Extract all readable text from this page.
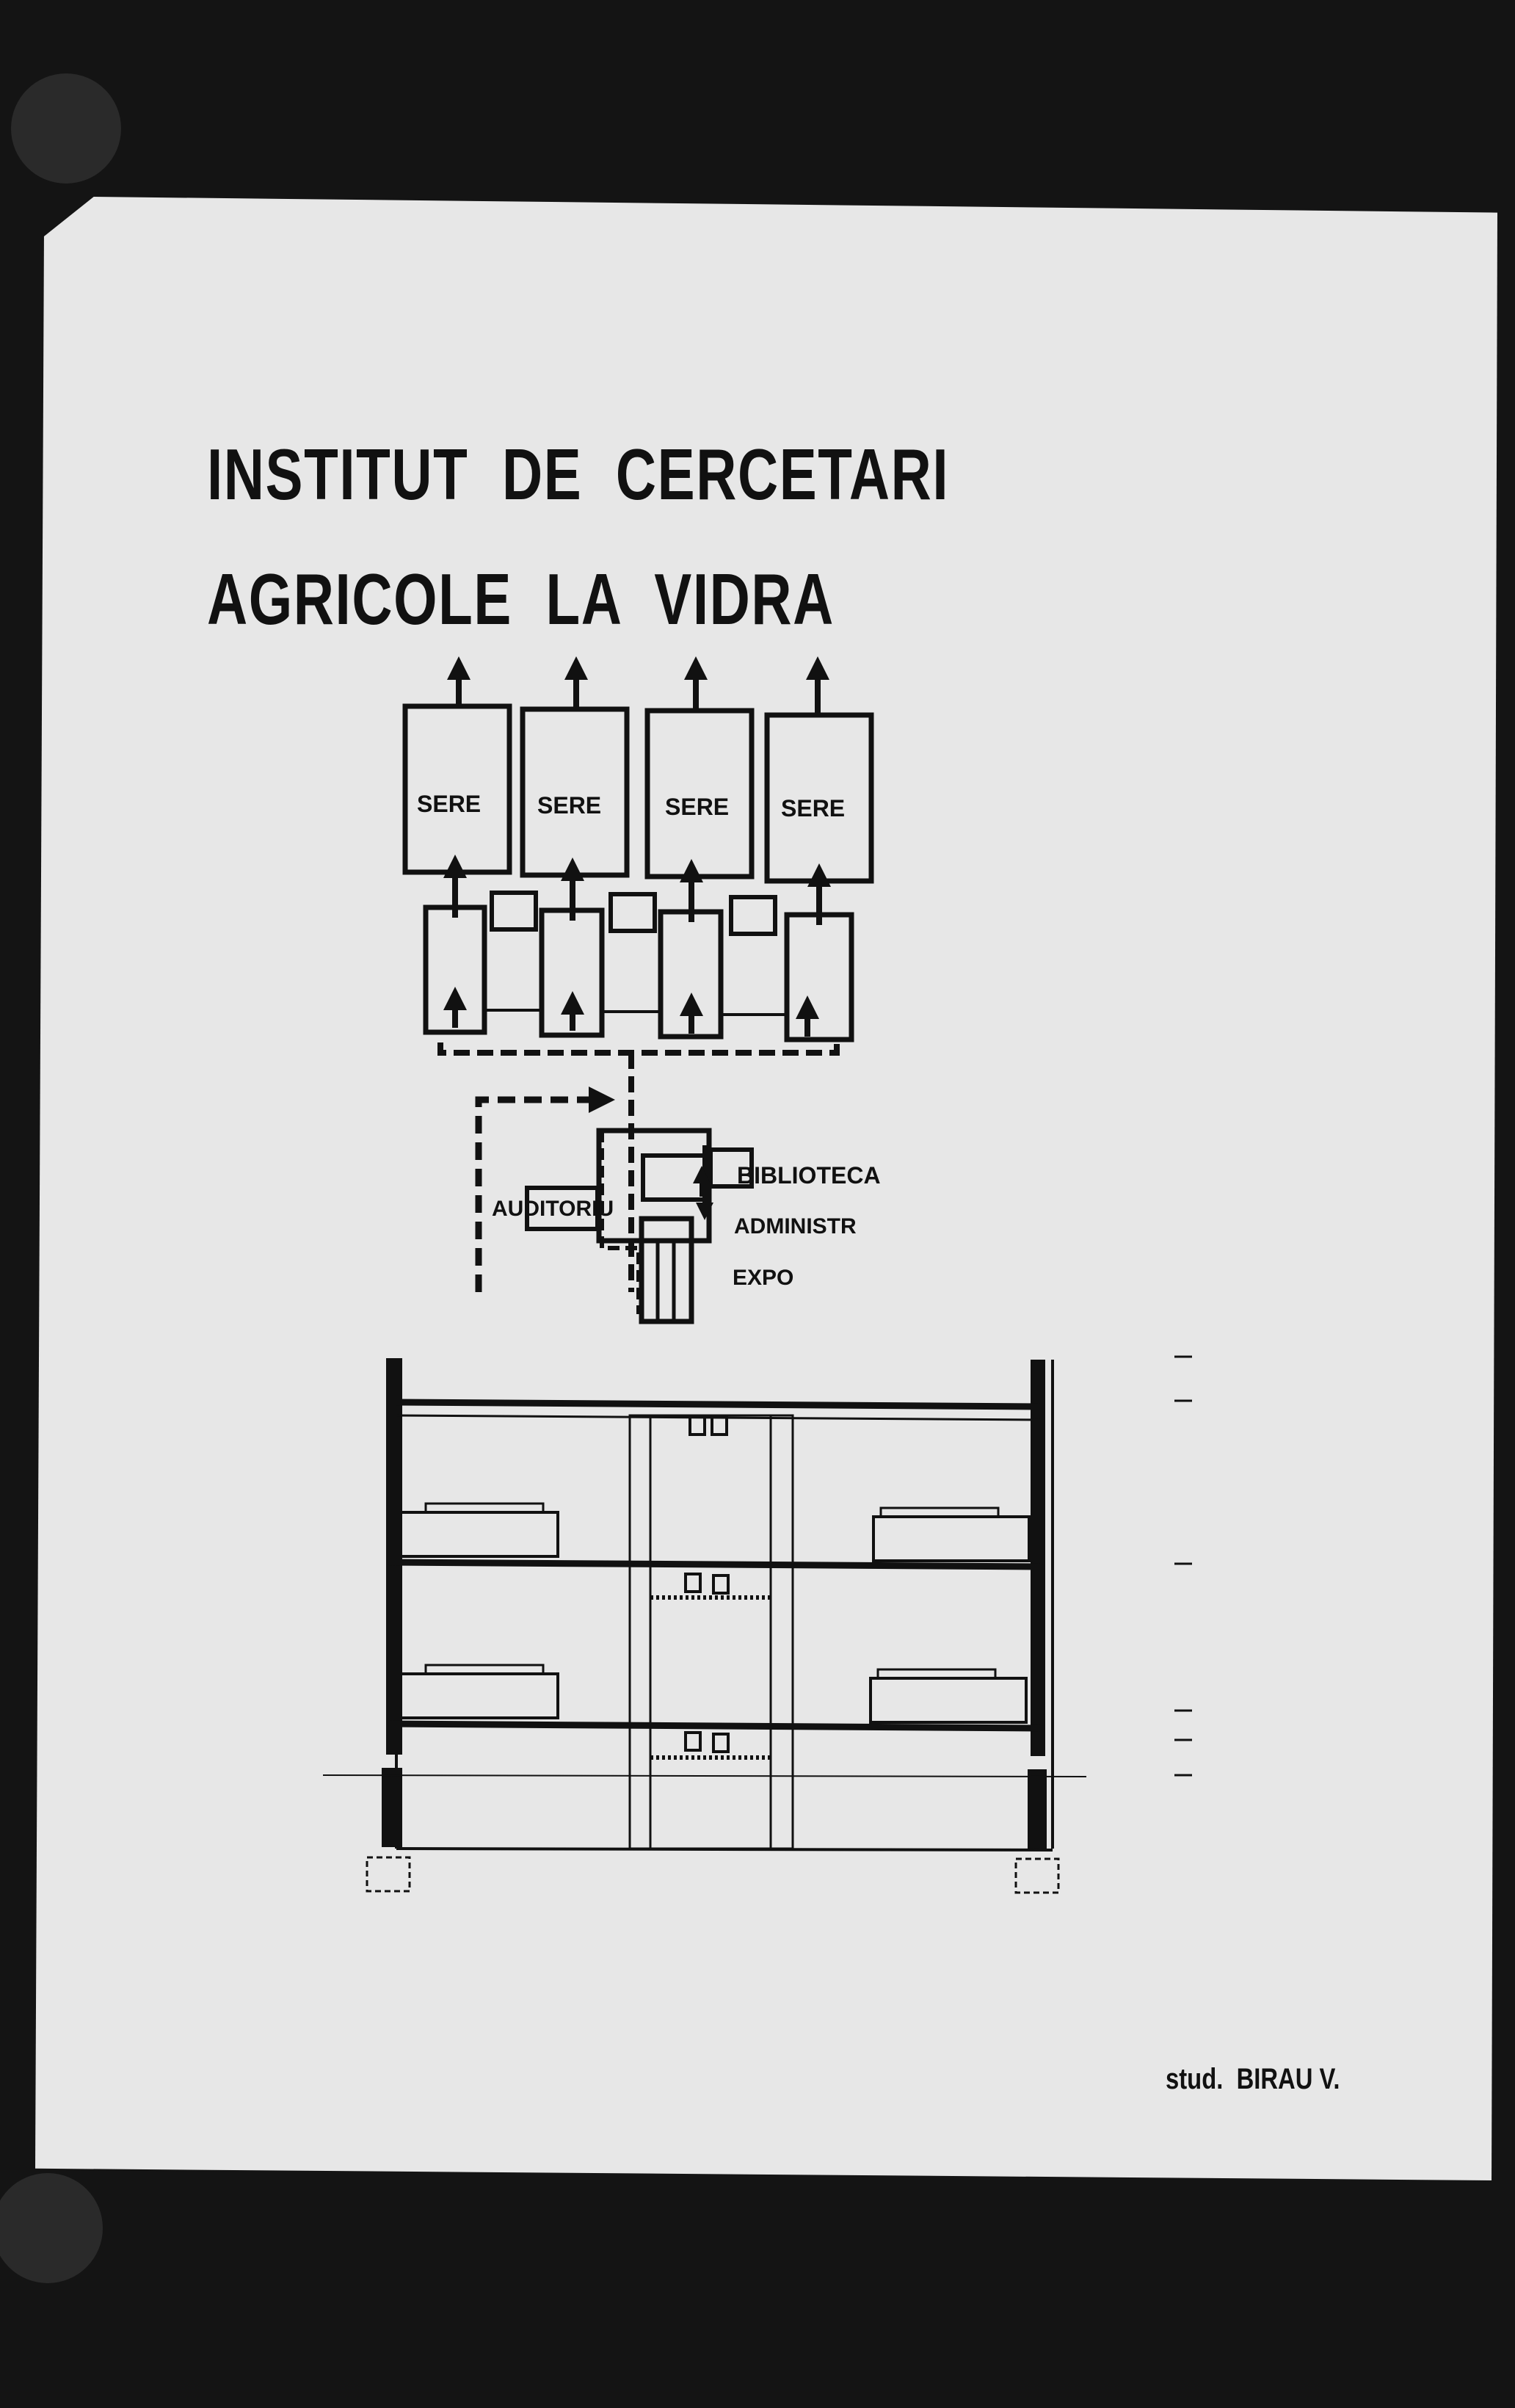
INSTITUT  DE  CERCETARI
AGRICOLE  LA  VIDRA
SERE SERE	SERE SERE
BIBLIOTECA
AUDITORIU
ADMINISTR
EXPO
stud.  BIRAU V.
